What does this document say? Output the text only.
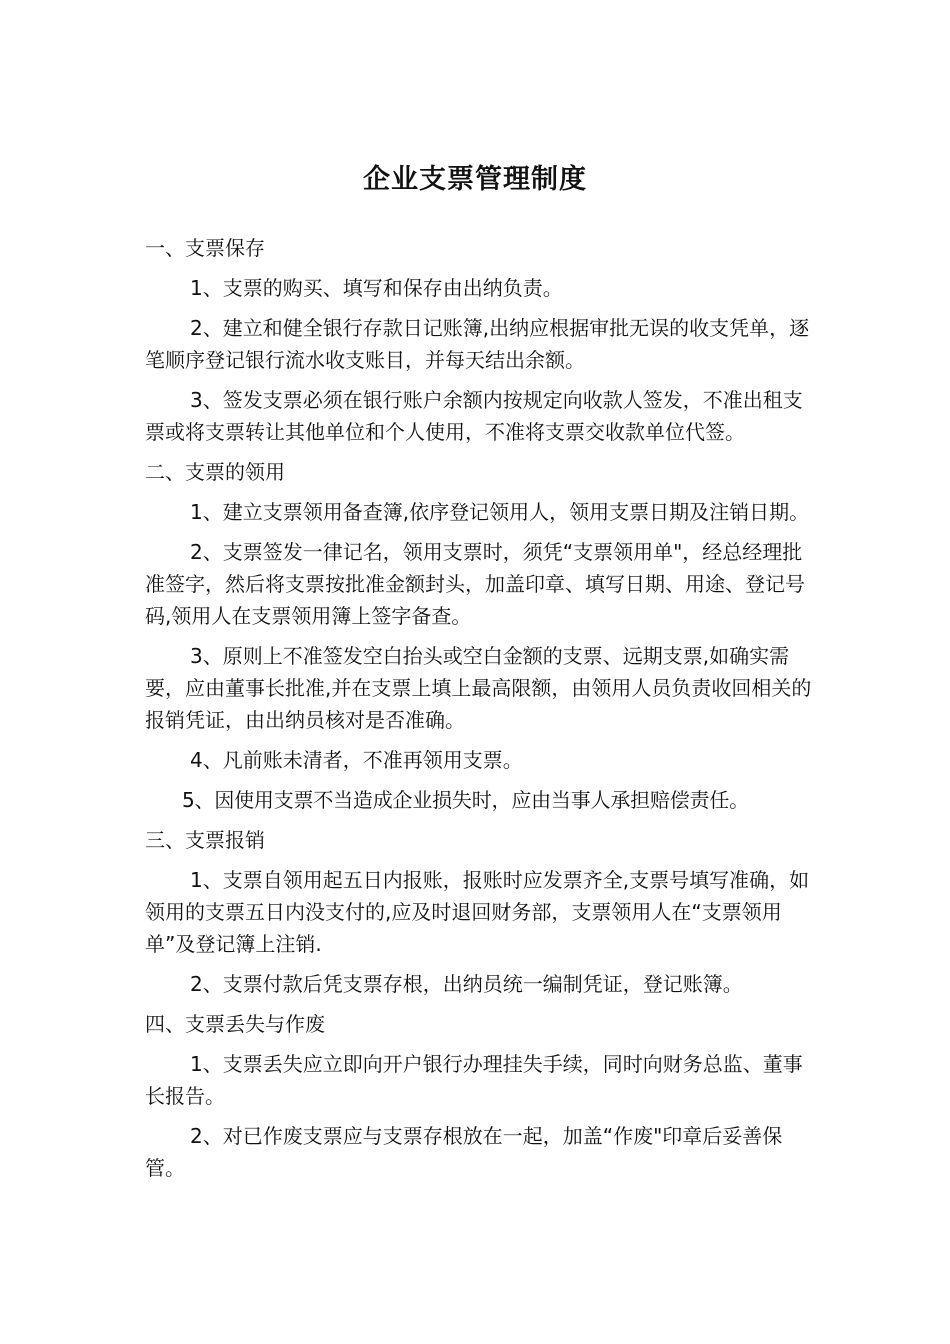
企业支票管理制度
一、支票保存

1、支票的购买、填写和保存由出纳负责。

2、建立和健全银行存款日记账簿,出纳应根据审批无误的收支凭单，逐笔顺序登记银行流水收支账目，并每天结出余额。

3、签发支票必须在银行账户余额内按规定向收款人签发，不准出租支票或将支票转让其他单位和个人使用，不准将支票交收款单位代签。

二、支票的领用

1、建立支票领用备查簿,依序登记领用人，领用支票日期及注销日期。

2、支票签发一律记名，领用支票时，须凭“支票领用单"，经总经理批准签字，然后将支票按批准金额封头，加盖印章、填写日期、用途、登记号码,领用人在支票领用簿上签字备查。

3、原则上不准签发空白抬头或空白金额的支票、远期支票,如确实需要，应由董事长批准,并在支票上填上最高限额，由领用人员负责收回相关的报销凭证，由出纳员核对是否准确。

4、凡前账未清者，不准再领用支票。

5、因使用支票不当造成企业损失时，应由当事人承担赔偿责任。

三、支票报销

1、支票自领用起五日内报账，报账时应发票齐全,支票号填写准确，如领用的支票五日内没支付的,应及时退回财务部，支票领用人在“支票领用单”及登记簿上注销.

2、支票付款后凭支票存根，出纳员统一编制凭证，登记账簿。

四、支票丢失与作废

1、支票丢失应立即向开户银行办理挂失手续，同时向财务总监、董事长报告。

2、对已作废支票应与支票存根放在一起，加盖“作废"印章后妥善保管。
